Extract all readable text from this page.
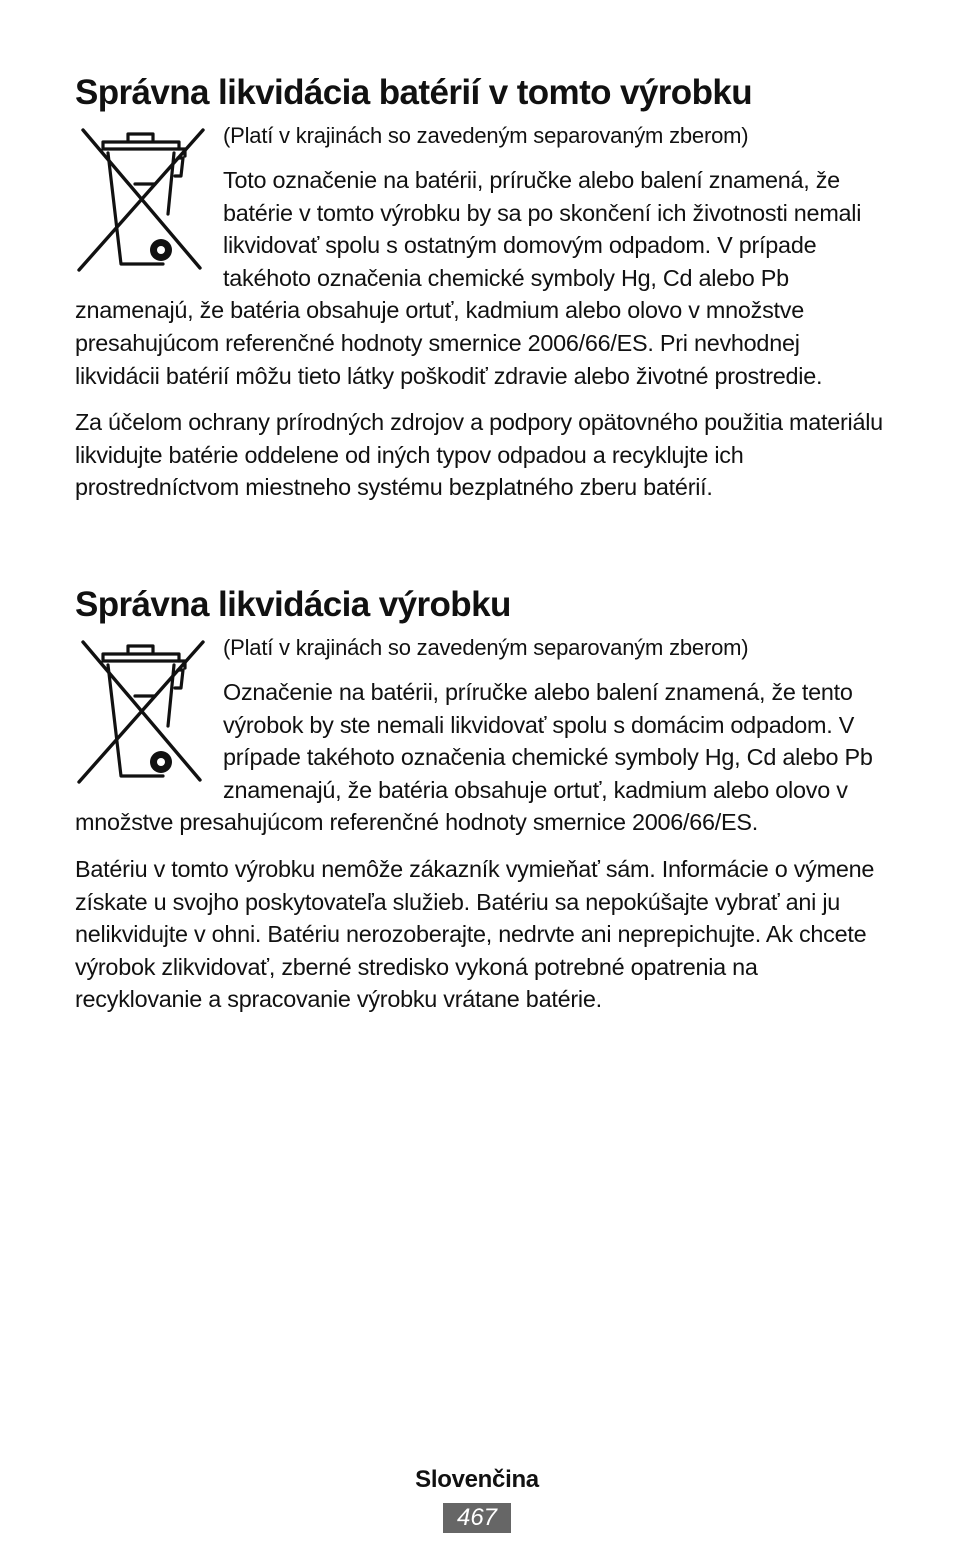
Správna likvidácia batérií v tomto výrobku

(Platí v krajinách so zavedeným separovaným zberom)

Toto označenie na batérii, príručke alebo balení znamená, že batérie v tomto výrobku by sa po skončení ich životnosti nemali likvidovať spolu s ostatným domovým odpadom. V prípade takéhoto označenia chemické symboly Hg, Cd alebo Pb znamenajú, že batéria obsahuje ortuť, kadmium alebo olovo v množstve presahujúcom referenčné hodnoty smernice 2006/66/ES. Pri nevhodnej likvidácii batérií môžu tieto látky poškodiť zdravie alebo životné prostredie.

Za účelom ochrany prírodných zdrojov a podpory opätovného použitia materiálu likvidujte batérie oddelene od iných typov odpadou a recyklujte ich prostredníctvom miestneho systému bezplatného zberu batérií.

Správna likvidácia výrobku

(Platí v krajinách so zavedeným separovaným zberom)

Označenie na batérii, príručke alebo balení znamená, že tento výrobok by ste nemali likvidovať spolu s domácim odpadom. V prípade takéhoto označenia chemické symboly Hg, Cd alebo Pb znamenajú, že batéria obsahuje ortuť, kadmium alebo olovo v množstve presahujúcom referenčné hodnoty smernice 2006/66/ES.

Batériu v tomto výrobku nemôže zákazník vymieňať sám. Informácie o výmene získate u svojho poskytovateľa služieb. Batériu sa nepokúšajte vybrať ani ju nelikvidujte v ohni. Batériu nerozoberajte, nedrvte ani neprepichujte. Ak chcete výrobok zlikvidovať, zberné stredisko vykoná potrebné opatrenia na recyklovanie a spracovanie výrobku vrátane batérie.

Slovenčina
467
